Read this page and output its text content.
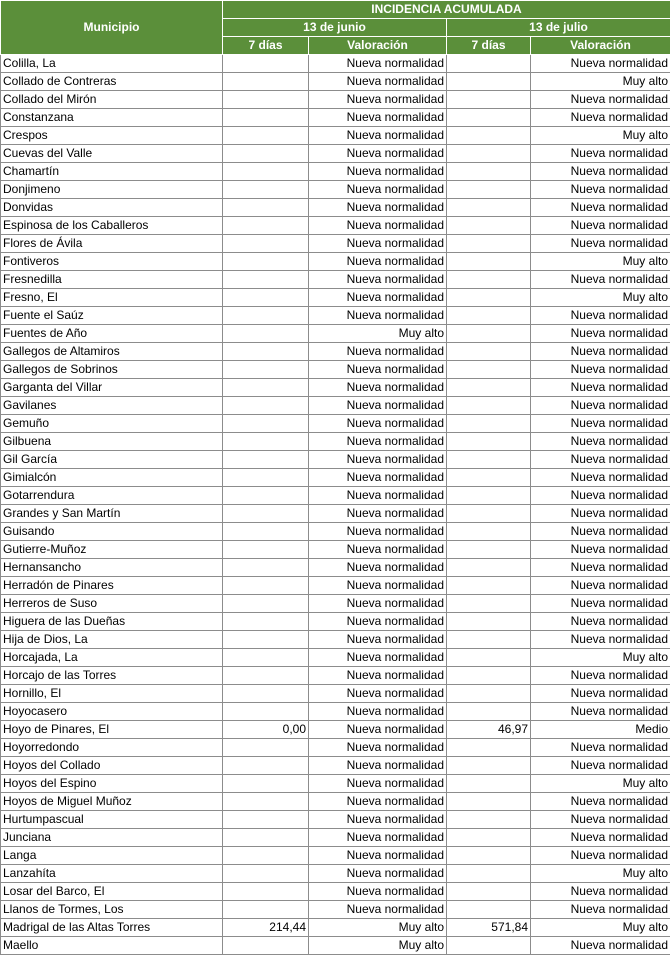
Municipio	INCIDENCIA ACUMULADA			
	13 de junio		13 de julio	
	7 días	Valoración	7 días	Valoración
Colilla, La		Nueva normalidad		Nueva normalidad
Collado de Contreras		Nueva normalidad		Muy alto
Collado del Mirón		Nueva normalidad		Nueva normalidad
Constanzana		Nueva normalidad		Nueva normalidad
Crespos		Nueva normalidad		Muy alto
Cuevas del Valle		Nueva normalidad		Nueva normalidad
Chamartín		Nueva normalidad		Nueva normalidad
Donjimeno		Nueva normalidad		Nueva normalidad
Donvidas		Nueva normalidad		Nueva normalidad
Espinosa de los Caballeros		Nueva normalidad		Nueva normalidad
Flores de Ávila		Nueva normalidad		Nueva normalidad
Fontiveros		Nueva normalidad		Muy alto
Fresnedilla		Nueva normalidad		Nueva normalidad
Fresno, El		Nueva normalidad		Muy alto
Fuente el Saúz		Nueva normalidad		Nueva normalidad
Fuentes de Año		Muy alto		Nueva normalidad
Gallegos de Altamiros		Nueva normalidad		Nueva normalidad
Gallegos de Sobrinos		Nueva normalidad		Nueva normalidad
Garganta del Villar		Nueva normalidad		Nueva normalidad
Gavilanes		Nueva normalidad		Nueva normalidad
Gemuño		Nueva normalidad		Nueva normalidad
Gilbuena		Nueva normalidad		Nueva normalidad
Gil García		Nueva normalidad		Nueva normalidad
Gimialcón		Nueva normalidad		Nueva normalidad
Gotarrendura		Nueva normalidad		Nueva normalidad
Grandes y San Martín		Nueva normalidad		Nueva normalidad
Guisando		Nueva normalidad		Nueva normalidad
Gutierre-Muñoz		Nueva normalidad		Nueva normalidad
Hernansancho		Nueva normalidad		Nueva normalidad
Herradón de Pinares		Nueva normalidad		Nueva normalidad
Herreros de Suso		Nueva normalidad		Nueva normalidad
Higuera de las Dueñas		Nueva normalidad		Nueva normalidad
Hija de Dios, La		Nueva normalidad		Nueva normalidad
Horcajada, La		Nueva normalidad		Muy alto
Horcajo de las Torres		Nueva normalidad		Nueva normalidad
Hornillo, El		Nueva normalidad		Nueva normalidad
Hoyocasero		Nueva normalidad		Nueva normalidad
Hoyo de Pinares, El	0,00	Nueva normalidad	46,97	Medio
Hoyorredondo		Nueva normalidad		Nueva normalidad
Hoyos del Collado		Nueva normalidad		Nueva normalidad
Hoyos del Espino		Nueva normalidad		Muy alto
Hoyos de Miguel Muñoz		Nueva normalidad		Nueva normalidad
Hurtumpascual		Nueva normalidad		Nueva normalidad
Junciana		Nueva normalidad		Nueva normalidad
Langa		Nueva normalidad		Nueva normalidad
Lanzahíta		Nueva normalidad		Muy alto
Losar del Barco, El		Nueva normalidad		Nueva normalidad
Llanos de Tormes, Los		Nueva normalidad		Nueva normalidad
Madrigal de las Altas Torres	214,44	Muy alto	571,84	Muy alto
Maello		Muy alto		Nueva normalidad
